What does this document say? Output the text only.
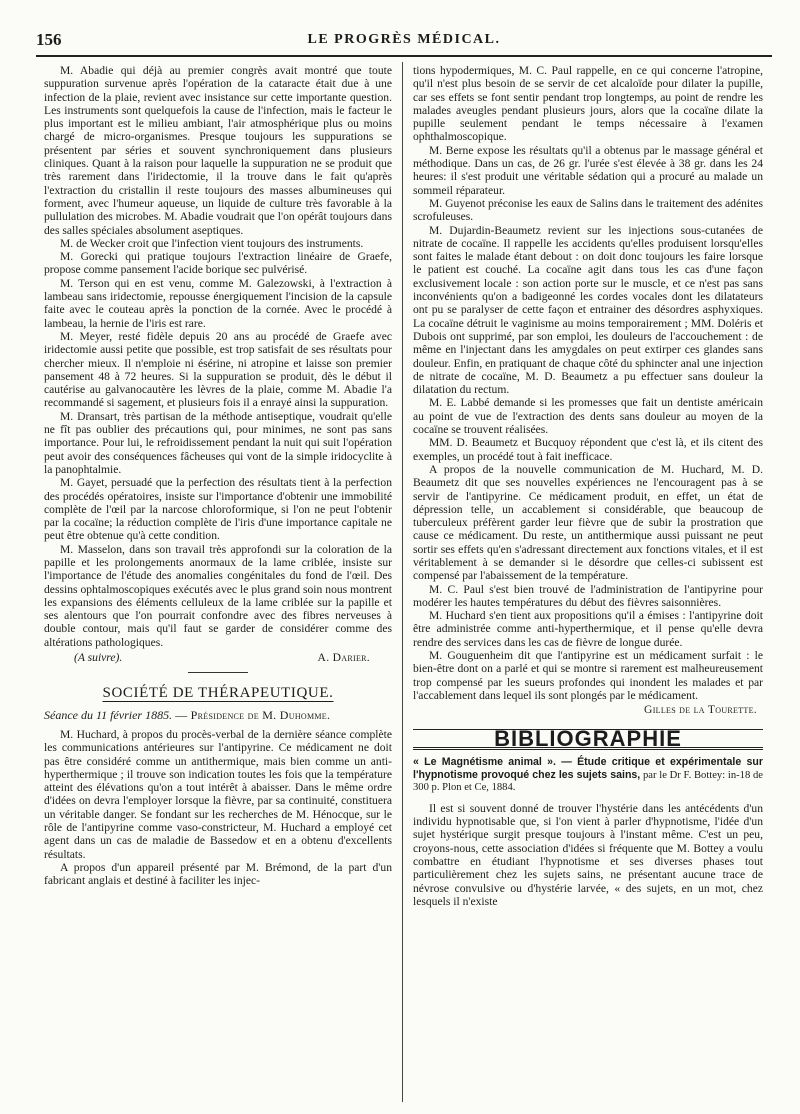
156	LE PROGRÈS MÉDICAL.

M. Abadie qui déjà au premier congrès avait montré que toute suppuration survenue après l'opération de la cataracte était due à une infection de la plaie, revient avec insistance sur cette importante question. Les instruments sont quelquefois la cause de l'infection, mais le facteur le plus important est le milieu ambiant, l'air atmosphérique plus ou moins chargé de micro-organismes. Presque toujours les suppurations se présentent par séries et souvent synchroniquement dans plusieurs cliniques. Quant à la raison pour laquelle la suppuration ne se produit que très rarement dans l'iridectomie, il la trouve dans le fait qu'après l'extraction du cristallin il reste toujours des masses albumineuses qui forment, avec l'humeur aqueuse, un liquide de culture très favorable à la pullulation des microbes. M. Abadie voudrait que l'on opérât toujours dans des salles spéciales absolument aseptiques.

M. de Wecker croit que l'infection vient toujours des instruments.

M. Gorecki qui pratique toujours l'extraction linéaire de Graefe, propose comme pansement l'acide borique sec pulvérisé.

M. Terson qui en est venu, comme M. Galezowski, à l'extraction à lambeau sans iridectomie, repousse énergiquement l'incision de la capsule faite avec le couteau après la ponction de la cornée. Avec le procédé à lambeau, la hernie de l'iris est rare.

M. Meyer, resté fidèle depuis 20 ans au procédé de Graefe avec iridectomie aussi petite que possible, est trop satisfait de ses résultats pour chercher mieux. Il n'emploie ni ésérine, ni atropine et laisse son premier pansement 48 à 72 heures. Si la suppuration se produit, dès le début il cautérise au galvanocautère les lèvres de la plaie, comme M. Abadie l'a recommandé si sagement, et plusieurs fois il a enrayé ainsi la suppuration.

M. Dransart, très partisan de la méthode antiseptique, voudrait qu'elle ne fît pas oublier des précautions qui, pour minimes, ne sont pas sans importance. Pour lui, le refroidissement pendant la nuit qui suit l'opération peut avoir des conséquences fâcheuses qui vont de la simple iridocyclite à la panophtalmie.

M. Gayet, persuadé que la perfection des résultats tient à la perfection des procédés opératoires, insiste sur l'importance d'obtenir une immobilité complète de l'œil par la narcose chloroformique, si l'on ne peut l'obtenir par la cocaïne; la réduction complète de l'iris d'une importance capitale ne peut être obtenue qu'à cette condition.

M. Masselon, dans son travail très approfondi sur la coloration de la papille et les prolongements anormaux de la lame criblée, insiste sur l'importance de l'étude des anomalies congénitales du fond de l'œil. Des dessins ophtalmoscopiques exécutés avec le plus grand soin nous montrent les expansions des éléments celluleux de la lame criblée sur la papille et ses alentours que l'on pourrait confondre avec des fibres nerveuses à double contour, mais qu'il faut se garder de considérer comme des altérations pathologiques.

(A suivre).	A. Darier.
SOCIÉTÉ DE THÉRAPEUTIQUE.

Séance du 11 février 1885. — Présidence de M. Duhomme.

M. Huchard, à propos du procès-verbal de la dernière séance complète les communications antérieures sur l'antipyrine. Ce médicament ne doit pas être considéré comme un antithermique, mais bien comme un anti-hyperthermique ; il trouve son indication toutes les fois que la température atteint des élévations qu'on a tout intérêt à abaisser. Dans le même ordre d'idées on devra l'employer lorsque la fièvre, par sa continuité, constituera un véritable danger. Se fondant sur les recherches de M. Hénocque, sur le rôle de l'antipyrine comme vaso-constricteur, M. Huchard a employé cet agent dans un cas de maladie de Bassedow et en a obtenu d'excellents résultats.

A propos d'un appareil présenté par M. Brémond, de la part d'un fabricant anglais et destiné à faciliter les injec-

tions hypodermiques, M. C. Paul rappelle, en ce qui concerne l'atropine, qu'il n'est plus besoin de se servir de cet alcaloïde pour dilater la pupille, car ses effets se font sentir pendant trop longtemps, au point de rendre les malades aveugles pendant plusieurs jours, alors que la cocaïne dilate la pupille seulement pendant le temps nécessaire à l'examen ophthalmoscopique.

M. Berne expose les résultats qu'il a obtenus par le massage général et méthodique. Dans un cas, de 26 gr. l'urée s'est élevée à 38 gr. dans les 24 heures: il s'est produit une véritable sédation qui a procuré au malade un sommeil réparateur.

M. Guyenot préconise les eaux de Salins dans le traitement des adénites scrofuleuses.

M. Dujardin-Beaumetz revient sur les injections sous-cutanées de nitrate de cocaïne. Il rappelle les accidents qu'elles produisent lorsqu'elles sont faites le malade étant debout : on doit donc toujours les faire lorsque le patient est couché. La cocaïne agit dans tous les cas d'une façon exclusivement locale : son action porte sur le muscle, et ce n'est pas sans inconvénients qu'on a badigeonné les cordes vocales dont les dilatateurs ont pu se paralyser de cette façon et entrainer des désordres asphyxiques. La cocaïne détruit le vaginisme au moins temporairement ; MM. Doléris et Dubois ont supprimé, par son emploi, les douleurs de l'accouchement : de même en l'injectant dans les amygdales on peut extirper ces glandes sans douleur. Enfin, en pratiquant de chaque côté du sphincter anal une injection de nitrate de cocaïne, M. D. Beaumetz a pu effectuer sans douleur la dilatation du rectum.

M. E. Labbé demande si les promesses que fait un dentiste américain au point de vue de l'extraction des dents sans douleur au moyen de la cocaïne se trouvent réalisées.

MM. D. Beaumetz et Bucquoy répondent que c'est là, et ils citent des exemples, un procédé tout à fait inefficace.

A propos de la nouvelle communication de M. Huchard, M. D. Beaumetz dit que ses nouvelles expériences ne l'encouragent pas à se servir de l'antipyrine. Ce médicament produit, en effet, un état de dépression telle, un accablement si considérable, que beaucoup de tuberculeux préfèrent garder leur fièvre que de subir la prostration que cause ce médicament. Du reste, un antithermique aussi puissant ne peut sortir ses effets qu'en s'adressant directement aux fonctions vitales, et il est véritablement à se demander si le désordre que celles-ci subissent est compensé par l'abaissement de la température.

M. C. Paul s'est bien trouvé de l'administration de l'antipyrine pour modérer les hautes températures du début des fièvres saisonnières.

M. Huchard s'en tient aux propositions qu'il a émises : l'antipyrine doit être administrée comme anti-hyperthermique, et il pense qu'elle devra rendre des services dans les cas de fièvre de longue durée.

M. Gouguenheim dit que l'antipyrine est un médicament surfait : le bien-être dont on a parlé et qui se montre si rarement est malheureusement trop compensé par les sueurs profondes qui inondent les malades et par l'accablement dans lequel ils sont plongés par le médicament.

Gilles de la Tourette.
BIBLIOGRAPHIE

« Le Magnétisme animal ». — Étude critique et expérimentale sur l'hypnotisme provoqué chez les sujets sains, par le Dr F. Bottey: in-18 de 300 p. Plon et Ce, 1884.

Il est si souvent donné de trouver l'hystérie dans les antécédents d'un individu hypnotisable que, si l'on vient à parler d'hypnotisme, l'idée d'un sujet hystérique surgit presque toujours à l'instant même. C'est un peu, croyons-nous, cette association d'idées si fréquente que M. Bottey a voulu combattre en étudiant l'hypnotisme et ses diverses phases tout particulièrement chez les sujets sains, ne présentant aucune trace de névrose convulsive ou d'hystérie larvée, « des sujets, en un mot, chez lesquels il n'existe
